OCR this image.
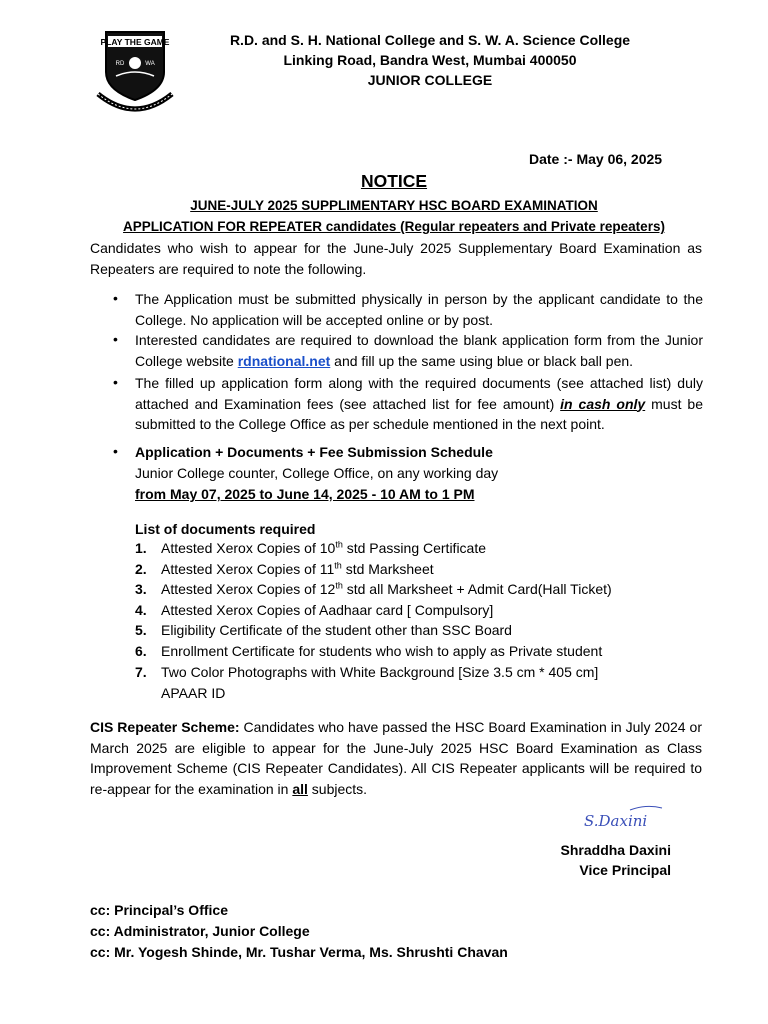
PLAY THE GAME
RD	WA
R.D. and S. H. National College and S. W. A. Science College
Linking Road, Bandra West, Mumbai 400050
JUNIOR COLLEGE
Date :- May 06, 2025
NOTICE
JUNE-JULY 2025 SUPPLIMENTARY HSC BOARD EXAMINATION
APPLICATION FOR REPEATER candidates (Regular repeaters and Private repeaters)
Candidates who wish to appear for the June-July 2025 Supplementary Board Examination as Repeaters are required to note the following.
• The Application must be submitted physically in person by the applicant candidate to the College. No application will be accepted online or by post.
• Interested candidates are required to download the blank application form from the Junior College website rdnational.net and fill up the same using blue or black ball pen.
• The filled up application form along with the required documents (see attached list) duly attached and Examination fees (see attached list for fee amount) in cash only must be submitted to the College Office as per schedule mentioned in the next point.
• Application + Documents + Fee Submission Schedule
Junior College counter, College Office, on any working day
from May 07, 2025 to June 14, 2025 - 10 AM to 1 PM
List of documents required
1.	Attested Xerox Copies of 10th std Passing Certificate
2.	Attested Xerox Copies of 11th std Marksheet
3.	Attested Xerox Copies of 12th std all Marksheet + Admit Card(Hall Ticket)
4.	Attested Xerox Copies of Aadhaar card [ Compulsory]
5.	Eligibility Certificate of the student other than SSC Board
6.	Enrollment Certificate for students who wish to apply as Private student
7.	Two Color Photographs with White Background [Size 3.5 cm * 405 cm]
APAAR ID
CIS Repeater Scheme: Candidates who have passed the HSC Board Examination in July 2024 or March 2025 are eligible to appear for the June-July 2025 HSC Board Examination as Class Improvement Scheme (CIS Repeater Candidates). All CIS Repeater applicants will be required to re-appear for the examination in all subjects.
S.Daxini
Shraddha Daxini
Vice Principal
cc: Principal’s Office
cc: Administrator, Junior College
cc: Mr. Yogesh Shinde, Mr. Tushar Verma, Ms. Shrushti Chavan
